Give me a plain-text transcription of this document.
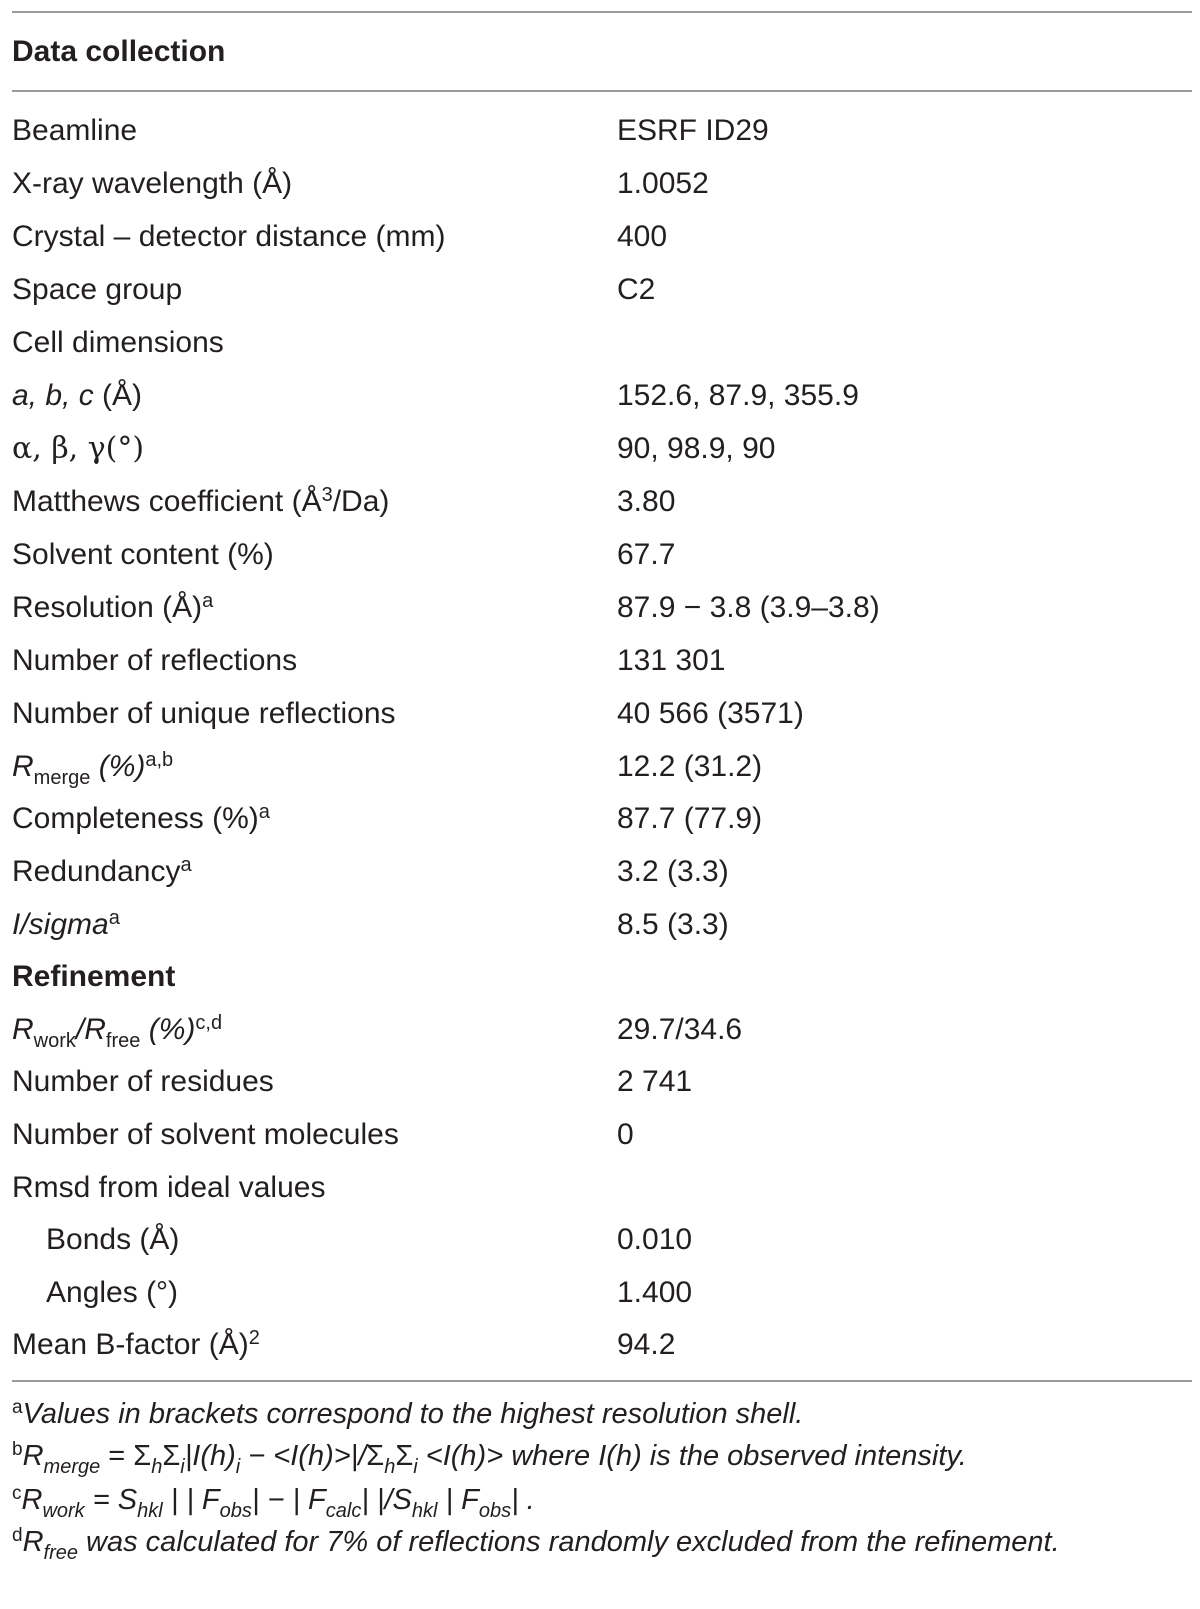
Data collection
Beamline	ESRF ID29
X-ray wavelength (Å)	1.0052
Crystal – detector distance (mm)	400
Space group	C2
Cell dimensions
a, b, c (Å)	152.6, 87.9, 355.9
α, β, γ(°)	90, 98.9, 90
Matthews coefficient $(Å^3/Da)$	3.80
Solvent content (%)	67.7
Resolution (Å)$^a$	87.9 − 3.8 (3.9–3.8)
Number of reflections	131 301
Number of unique reflections	40 566 (3571)
$R_{merge}$ (%)$^{a,b}$	12.2 (31.2)
Completeness (%)$^a$	87.7 (77.9)
Redundancy$^a$	3.2 (3.3)
I/sigma$^a$	8.5 (3.3)
Refinement
$R_{work}/R_{free}$ (%)$^{c,d}$	29.7/34.6
Number of residues	2 741
Number of solvent molecules	0
Rmsd from ideal values
Bonds (Å)	0.010
Angles (°)	1.400
Mean B-factor (Å)$^2$	94.2
$^a$Values in brackets correspond to the highest resolution shell.
$^bR_{merge} = \Sigma_h\Sigma_i|I(h)_i - <I(h)>|/\Sigma_h\Sigma_i <I(h)>$ where I(h) is the observed intensity.
$^cR_{work} = S_{hkl}$ | | $F_{obs}|$ − | $F_{calc}|$ $|/S_{hkl}$ | $F_{obs}|$ .
$^dR_{free}$ was calculated for 7% of reflections randomly excluded from the refinement.
